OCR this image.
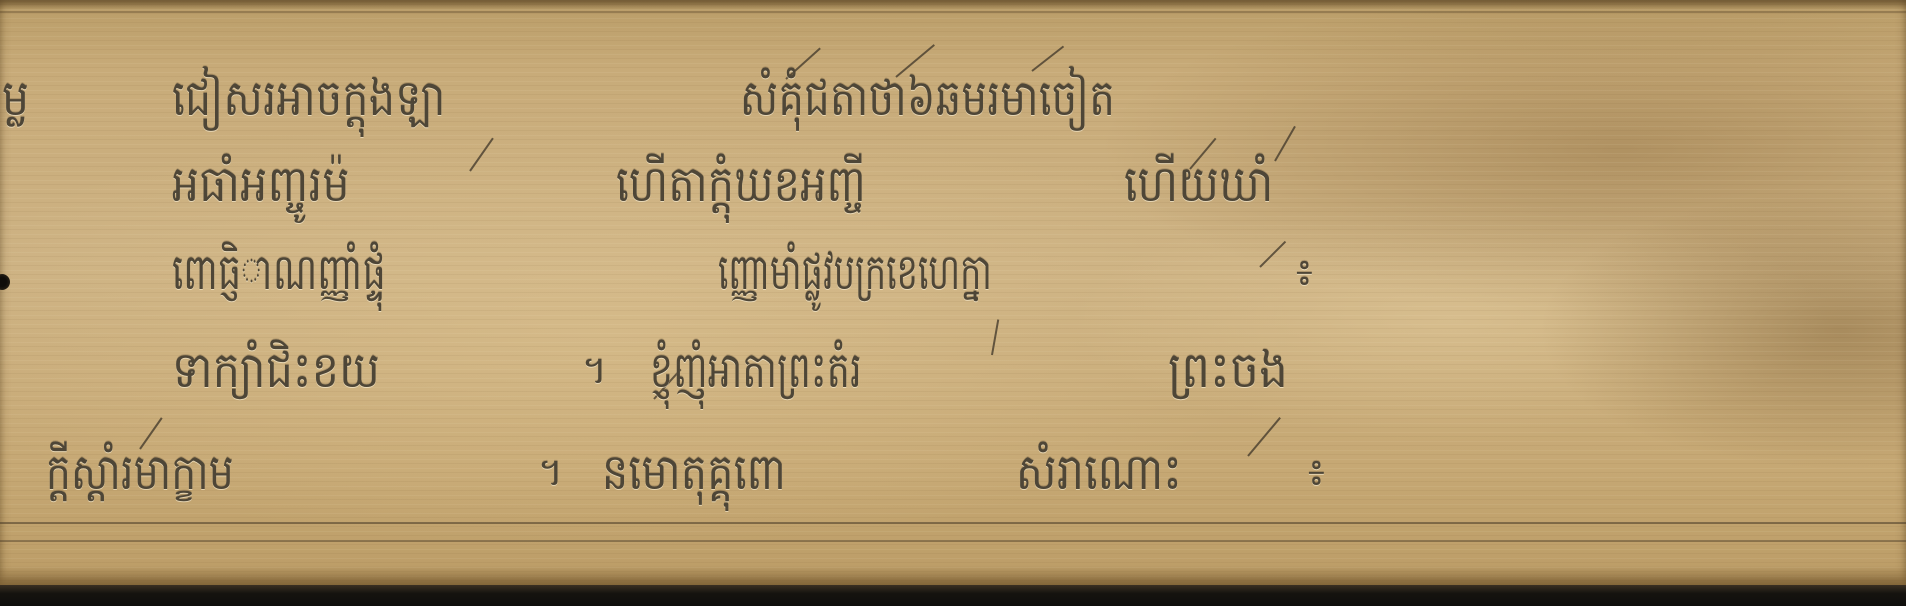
ម្ល	ជៀសរអាចក្តុងឡា	សំគុំជតាថា៦ឆមរមាចៀត
អធាំអញ្ចូរម៉	ហើតាក្ដុំឃខអញ្ចី	ហើយឃាំ
ពោធិ្ញាណញ្ញាំផ្ទុំ	ញ្ញោមាំផ្លូវបក្រខេហេក្នា	៖
ទាក្យាំជិះខយ	។ ខ្ញុំញុំអាតាព្រះតំរ	ព្រះចង
ក្ដីស្តាំរមាក្ខាម	។ នមោតុគ្គុពោ	សំរាណោះ	៖
